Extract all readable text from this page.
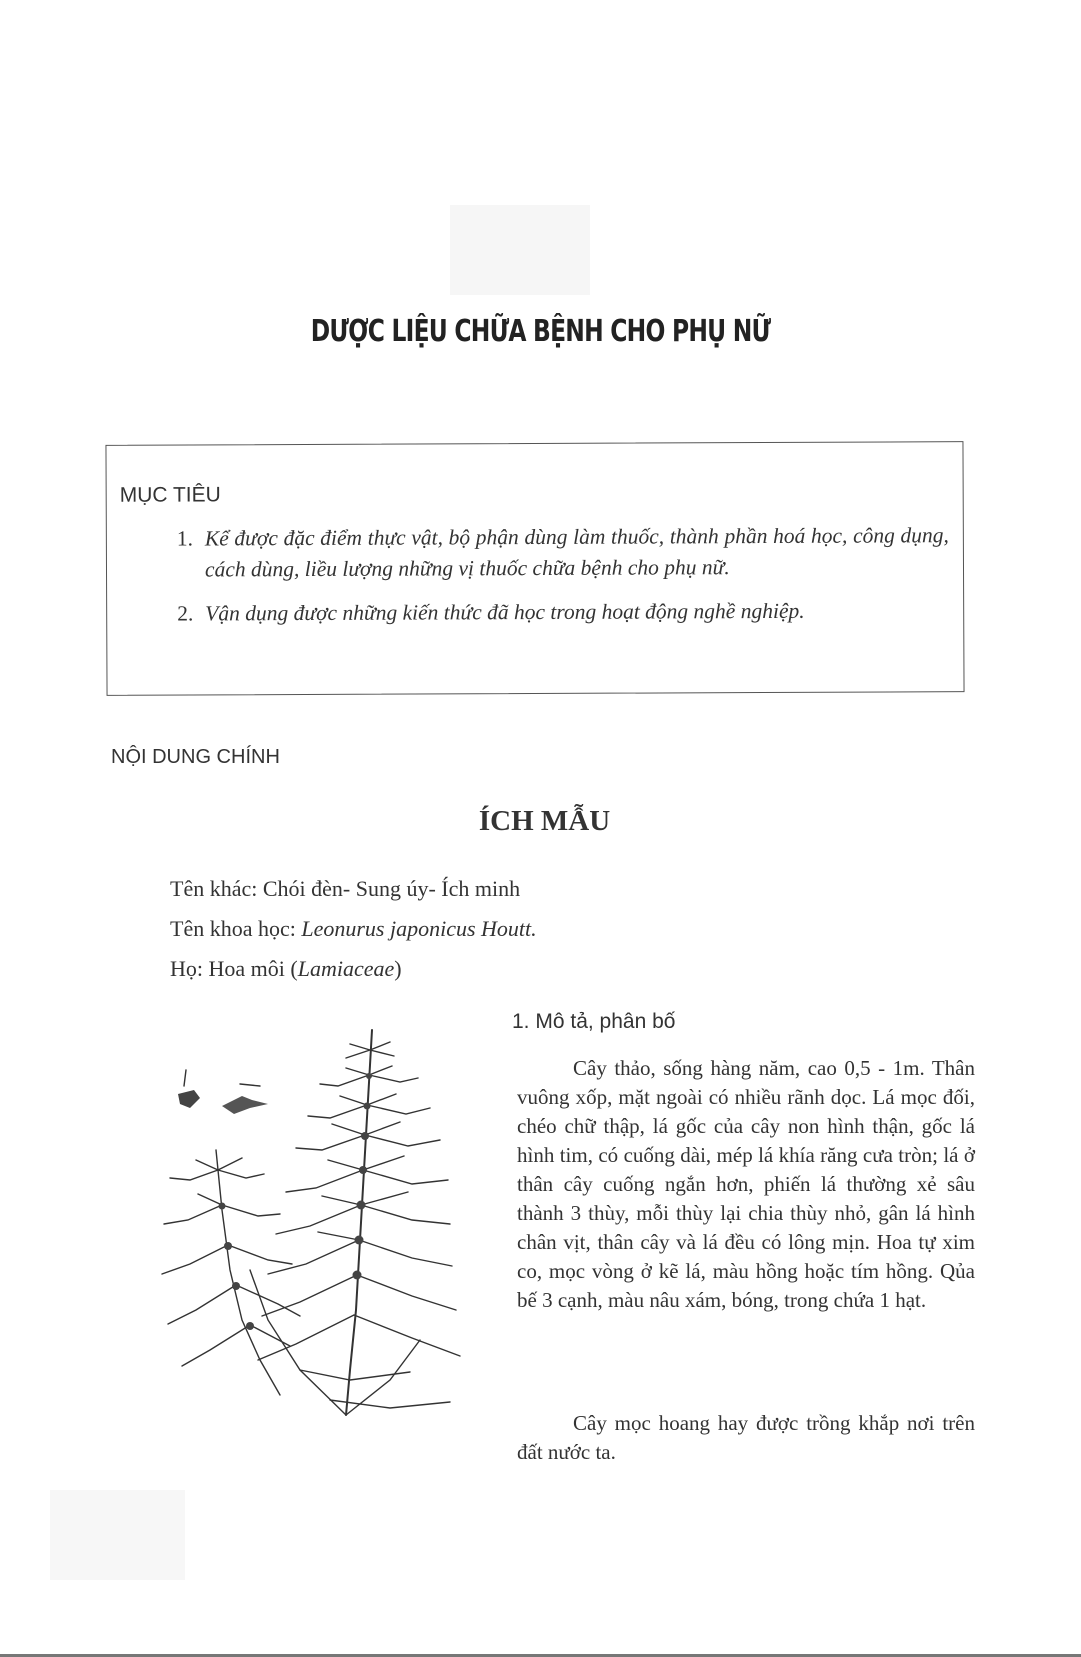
DƯỢC LIỆU CHỮA BỆNH CHO PHỤ NỮ
MỤC TIÊU
1. Kể được đặc điểm thực vật, bộ phận dùng làm thuốc, thành phần hoá học, công dụng, cách dùng, liều lượng những vị thuốc chữa bệnh cho phụ nữ.
2. Vận dụng được những kiến thức đã học trong hoạt động nghề nghiệp.
NỘI DUNG CHÍNH
ÍCH MẪU
Tên khác: Chói đèn- Sung úy- Ích minh
Tên khoa học: Leonurus japonicus Houtt.
Họ: Hoa môi (Lamiaceae)
1. Mô tả, phân bố

Cây thảo, sống hàng năm, cao 0,5 - 1m. Thân vuông xốp, mặt ngoài có nhiều rãnh dọc. Lá mọc đối, chéo chữ thập, lá gốc của cây non hình thận, gốc lá hình tim, có cuống dài, mép lá khía răng cưa tròn; lá ở thân cây cuống ngắn hơn, phiến lá thường xẻ sâu thành 3 thùy, mỗi thùy lại chia thùy nhỏ, gân lá hình chân vịt, thân cây và lá đều có lông mịn. Hoa tự xim co, mọc vòng ở kẽ lá, màu hồng hoặc tím hồng. Qủa bế 3 cạnh, màu nâu xám, bóng, trong chứa 1 hạt.

Cây mọc hoang hay được trồng khắp nơi trên đất nước ta.
